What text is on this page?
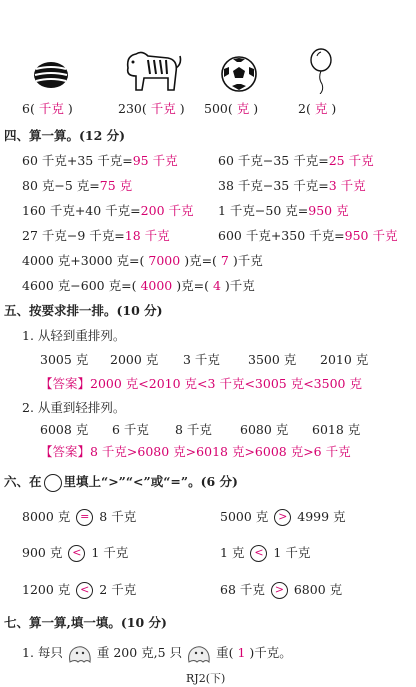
6( 千克 )	230( 千克 ) 500( 克 )	2( 克 )
四、算一算。(12 分)
60 千克+35 千克=95 千克	60 千克−35 千克=25 千克
80 克−5 克=75 克	38 千克−35 千克=3 千克
160 千克+40 千克=200 千克 1 千克−50 克=950 克
27 千克−9 千克=18 千克	600 千克+350 千克=950 千克
4000 克+3000 克=( 7000 )克=( 7 )千克
4600 克−600 克=( 4000 )克=( 4 )千克
五、按要求排一排。(10 分)
1. 从轻到重排列。
3005 克 2000 克 3 千克 3500 克 2010 克
【答案】2000 克<2010 克<3 千克<3005 克<3500 克
2. 从重到轻排列。
6008 克 6 千克 8 千克 6080 克 6018 克
【答案】8 千克>6080 克>6018 克>6008 克>6 千克
六、在 里填上“>”“<”或“=”。(6 分)
8000 克 = 8 千克	5000 克 > 4999 克
900 克 < 1 千克	1 克 < 1 千克
1200 克 < 2 千克	68 千克 > 6800 克
七、算一算,填一填。(10 分)
1. 每只	重 200 克,5 只	重( 1 )千克。
RJ2(下)
